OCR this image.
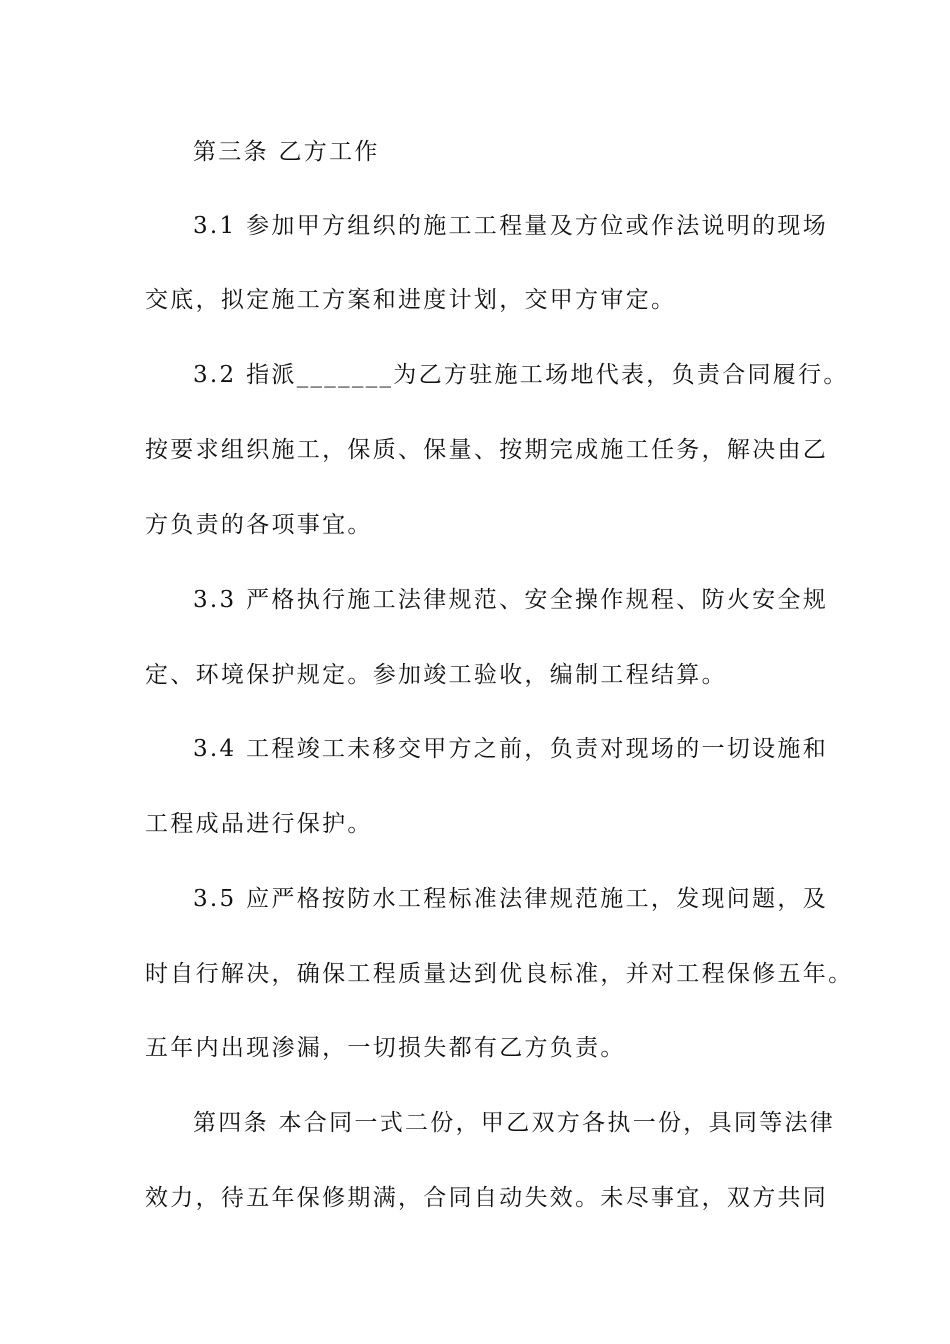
第三条 乙方工作
3.1 参加甲方组织的施工工程量及方位或作法说明的现场
交底，拟定施工方案和进度计划，交甲方审定。
3.2 指派_______为乙方驻施工场地代表，负责合同履行。
按要求组织施工，保质、保量、按期完成施工任务，解决由乙
方负责的各项事宜。
3.3 严格执行施工法律规范、安全操作规程、防火安全规
定、环境保护规定。参加竣工验收，编制工程结算。
3.4 工程竣工未移交甲方之前，负责对现场的一切设施和
工程成品进行保护。
3.5 应严格按防水工程标准法律规范施工，发现问题，及
时自行解决，确保工程质量达到优良标准，并对工程保修五年。
五年内出现渗漏，一切损失都有乙方负责。
第四条 本合同一式二份，甲乙双方各执一份，具同等法律
效力，待五年保修期满，合同自动失效。未尽事宜，双方共同
